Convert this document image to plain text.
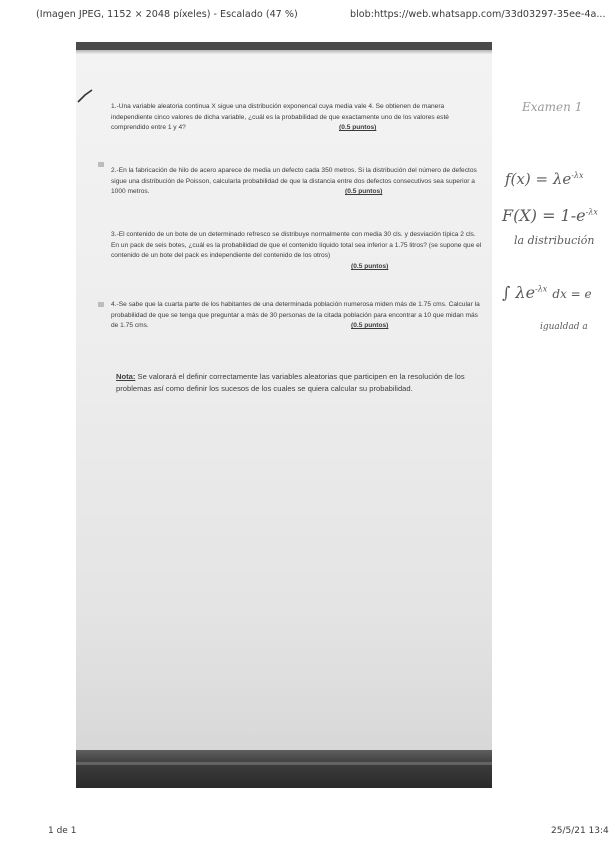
(Imagen JPEG, 1152 × 2048 píxeles) - Escalado (47 %)	blob:https://web.whatsapp.com/33d03297-35ee-4a...
1.-Una variable aleatoria continua X sigue una distribución exponencal cuya media vale 4. Se obtienen de manera independiente cinco valores de dicha variable, ¿cuál es la probabilidad de que exactamente uno de los valores esté comprendido entre 1 y 4?	(0.5 puntos)
2.-En la fabricación de hilo de acero aparece de media un defecto cada 350 metros. Si la distribución del número de defectos sigue una distribución de Poisson, calcularla probabilidad de que la distancia entre dos defectos consecutivos sea superior a 1000 metros.	(0.5 puntos)
3.-El contenido de un bote de un determinado refresco se distribuye normalmente con media 30 cls. y desviación típica 2 cls. En un pack de seis botes, ¿cuál es la probabilidad de que el contenido líquido total sea inferior a 1.75 litros? (se supone que el contenido de un bote del pack es independiente del contenido de los otros)
(0.5 puntos)
4.-Se sabe que la cuarta parte de los habitantes de una determinada población numerosa miden más de 1.75 cms. Calcular la probabilidad de que se tenga que preguntar a más de 30 personas de la citada población para encontrar a 10 que midan más de 1.75 cms.	(0.5 puntos)
Nota: Se valorará el definir correctamente las variables aleatorias que participen en la resolución de los problemas así como definir los sucesos de los cuales se quiera calcular su probabilidad.
Examen 1
$f(x) = \lambda e^{-\lambda x}$
$F(X) = 1-e^{-\lambda x}$
la distribución
∫ $\lambda e^{-\lambda x}$ dx = e
igualdad a
1 de 1	25/5/21 13:4
